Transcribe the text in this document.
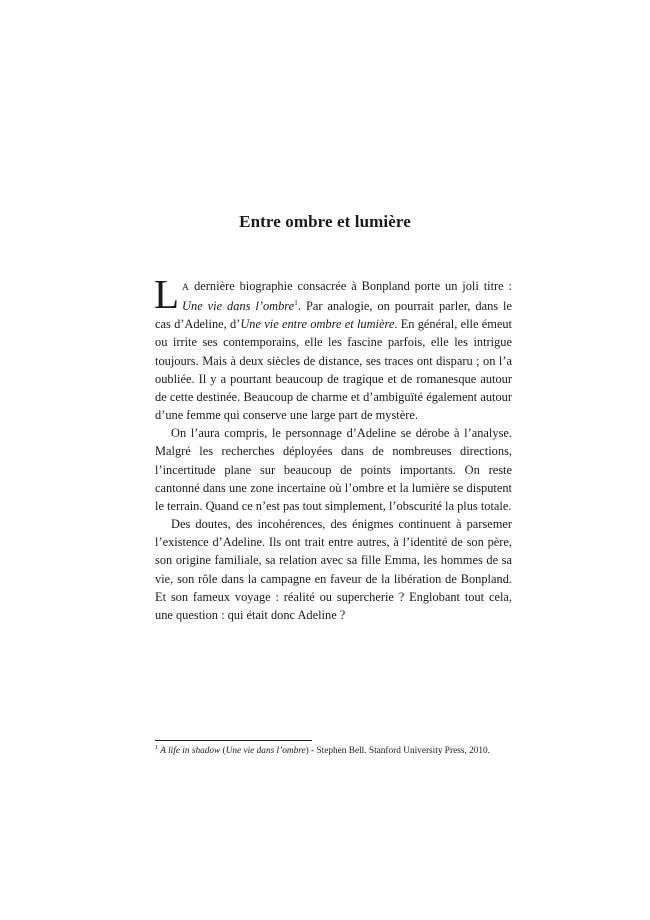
Entre ombre et lumière

L A dernière biographie consacrée à Bonpland porte un joli titre : Une vie dans l’ombre$^1$. Par analogie, on pourrait parler, dans le cas d’Adeline, d’Une vie entre ombre et lumière. En général, elle émeut ou irrite ses contemporains, elle les fascine parfois, elle les intrigue toujours. Mais à deux siècles de distance, ses traces ont disparu ; on l’a oubliée. Il y a pourtant beaucoup de tragique et de romanesque autour de cette destinée. Beaucoup de charme et d’ambiguïté également autour d’une femme qui conserve une large part de mystère.

On l’aura compris, le personnage d’Adeline se dérobe à l’analyse. Malgré les recherches déployées dans de nombreuses directions, l’incertitude plane sur beaucoup de points importants. On reste cantonné dans une zone incertaine où l’ombre et la lumière se disputent le terrain. Quand ce n’est pas tout simplement, l’obscurité la plus totale.

Des doutes, des incohérences, des énigmes continuent à parsemer l’existence d’Adeline. Ils ont trait entre autres, à l’identité de son père, son origine familiale, sa relation avec sa fille Emma, les hommes de sa vie, son rôle dans la campagne en faveur de la libération de Bonpland. Et son fameux voyage : réalité ou supercherie ? Englobant tout cela, une question : qui était donc Adeline ?

$^1$ A life in shadow (Une vie dans l’ombre) - Stephen Bell. Stanford University Press, 2010.
